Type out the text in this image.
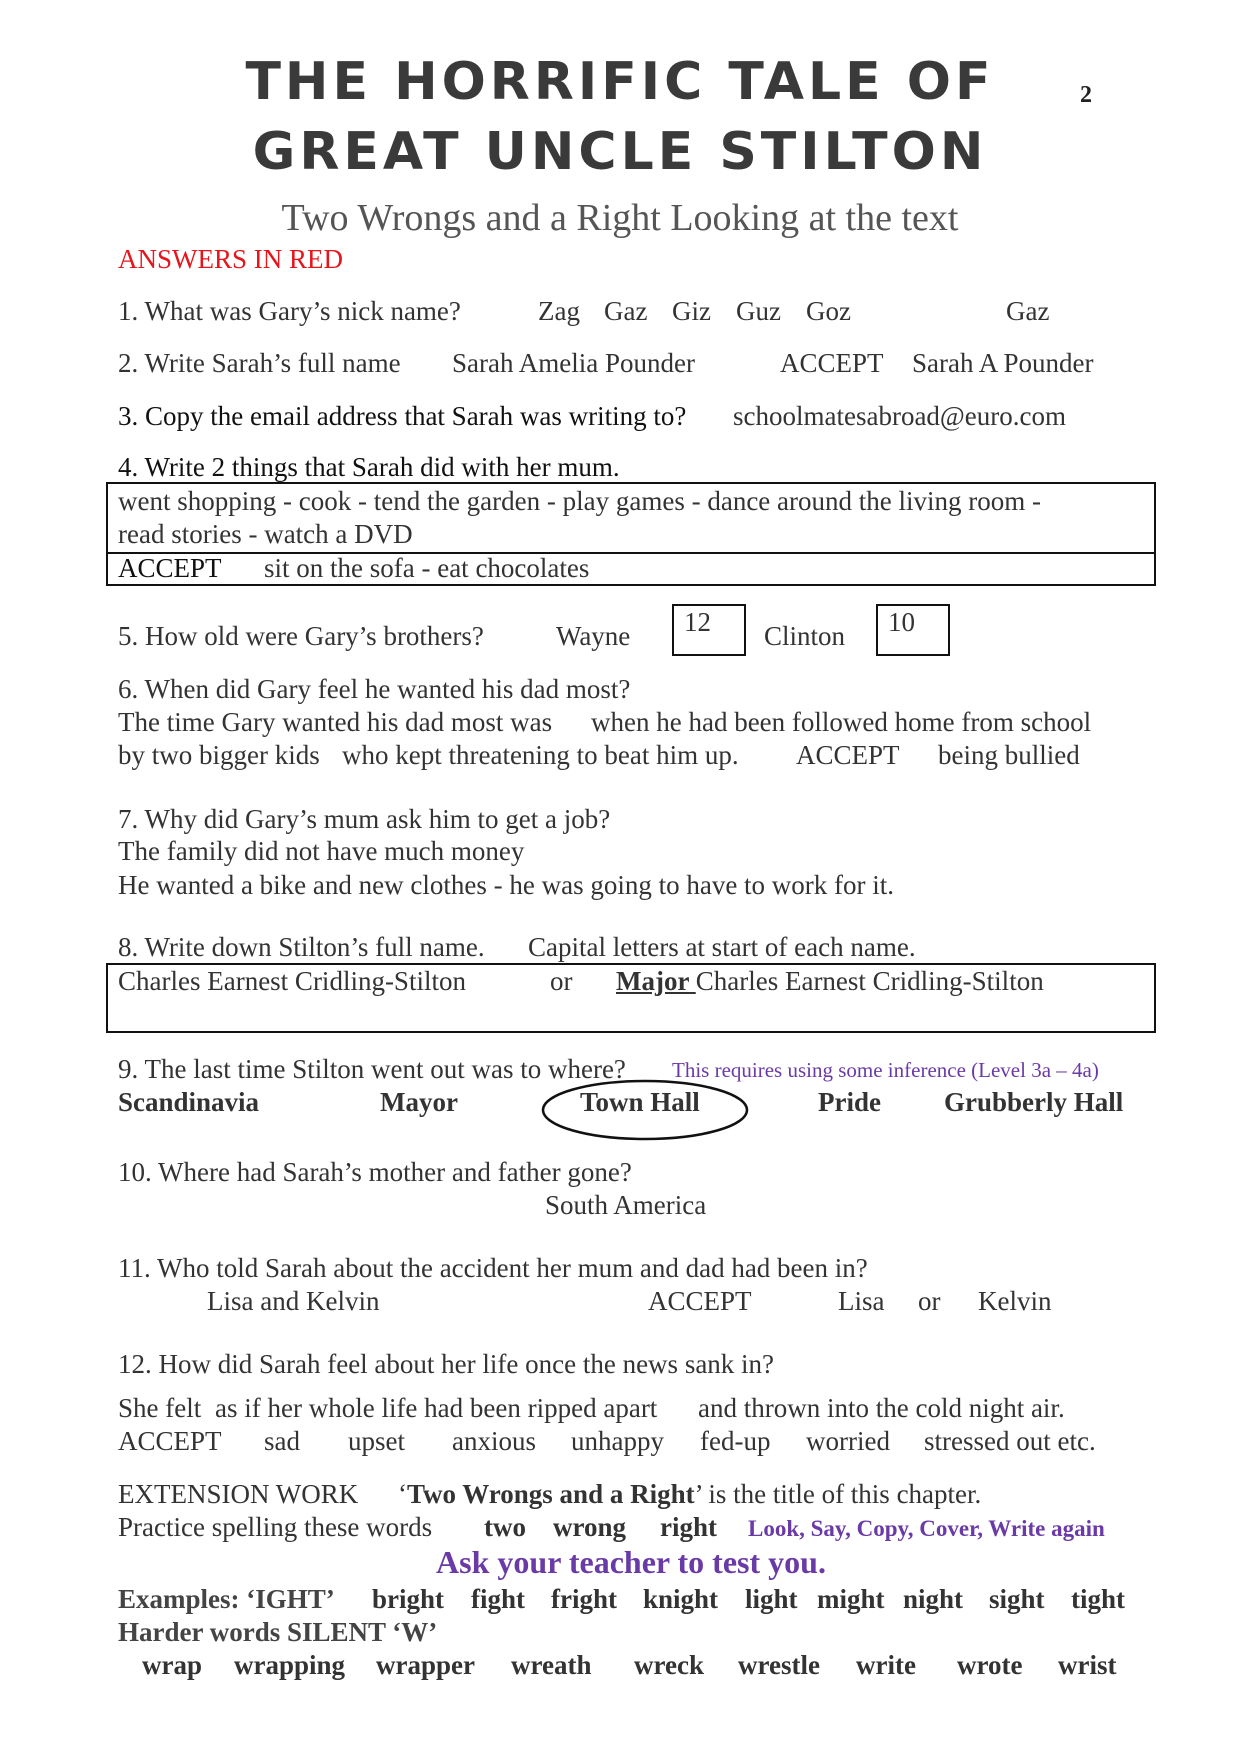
THE HORRIFIC TALE OF
GREAT UNCLE STILTON
2
Two Wrongs and a Right Looking at the text
ANSWERS IN RED
1. What was Gary’s nick name?	Zag Gaz Giz Guz Goz	Gaz
2. Write Sarah’s full name Sarah Amelia Pounder	ACCEPT Sarah A Pounder
3. Copy the email address that Sarah was writing to? schoolmatesabroad@euro.com
4. Write 2 things that Sarah did with her mum.
went shopping - cook - tend the garden - play games - dance around the living room -
read stories - watch a DVD
ACCEPT sit on the sofa - eat chocolates
5. How old were Gary’s brothers?	Wayne 12 Clinton 10
6. When did Gary feel he wanted his dad most?
The time Gary wanted his dad most was when he had been followed home from school
by two bigger kids who kept threatening to beat him up. ACCEPT being bullied
7. Why did Gary’s mum ask him to get a job?
The family did not have much money
He wanted a bike and new clothes - he was going to have to work for it.
8. Write down Stilton’s full name. Capital letters at start of each name.
Charles Earnest Cridling-Stilton	or Major Charles Earnest Cridling-Stilton
9. The last time Stilton went out was to where? This requires using some inference (Level 3a – 4a)
Scandinavia	Mayor	Town Hall	Pride Grubberly Hall
10. Where had Sarah’s mother and father gone?
South America
11. Who told Sarah about the accident her mum and dad had been in?
Lisa and Kelvin	ACCEPT	Lisa or Kelvin
12. How did Sarah feel about her life once the news sank in?
She felt as if her whole life had been ripped apart and thrown into the cold night air.
ACCEPT sad upset anxious unhappy fed-up worried stressed out etc.
EXTENSION WORK ‘Two Wrongs and a Right’ is the title of this chapter.
Practice spelling these words two wrong right Look, Say, Copy, Cover, Write again
Ask your teacher to test you.
Examples: ‘IGHT’ bright fight fright knight light might night sight tight
Harder words SILENT ‘W’
wrap wrapping wrapper wreath wreck wrestle write wrote wrist
